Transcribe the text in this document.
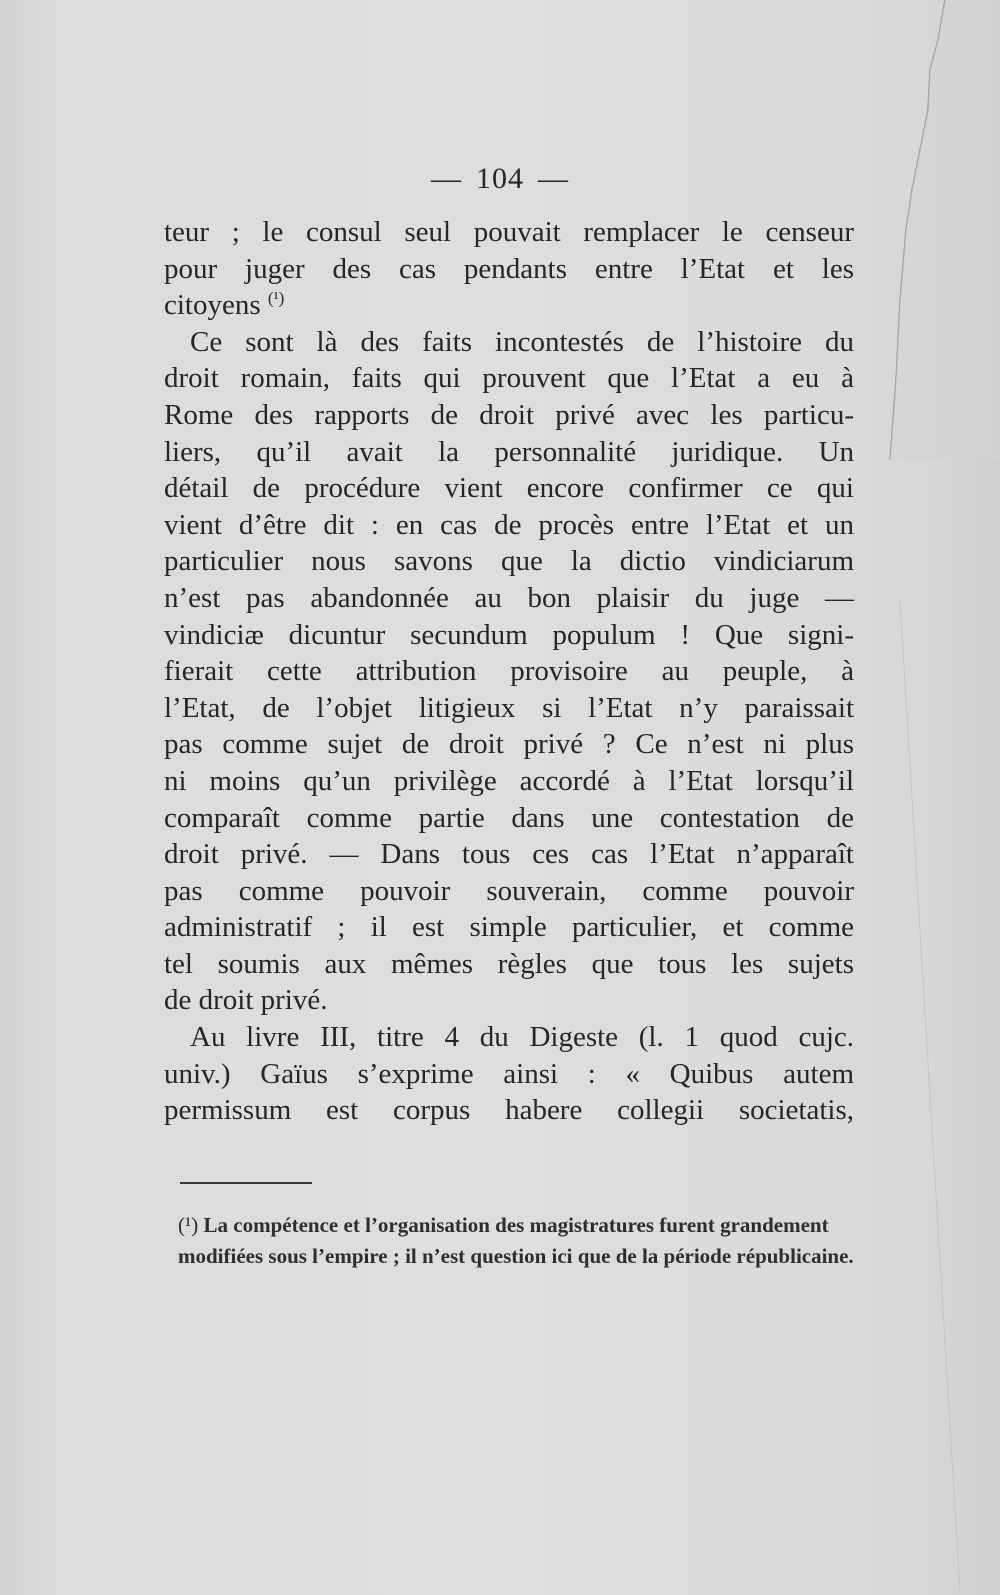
— 104 —
teur ; le consul seul pouvait remplacer le censeur
pour juger des cas pendants entre l’Etat et les
citoyens $^{(^1)}$
Ce sont là des faits incontestés de l’histoire du
droit romain, faits qui prouvent que l’Etat a eu à
Rome des rapports de droit privé avec les particu-
liers, qu’il avait la personnalité juridique. Un
détail de procédure vient encore confirmer ce qui
vient d’être dit : en cas de procès entre l’Etat et un
particulier nous savons que la dictio vindiciarum
n’est pas abandonnée au bon plaisir du juge —
vindiciæ dicuntur secundum populum ! Que signi-
fierait cette attribution provisoire au peuple, à
l’Etat, de l’objet litigieux si l’Etat n’y paraissait
pas comme sujet de droit privé ? Ce n’est ni plus
ni moins qu’un privilège accordé à l’Etat lorsqu’il
comparaît comme partie dans une contestation de
droit privé. — Dans tous ces cas l’Etat n’apparaît
pas comme pouvoir souverain, comme pouvoir
administratif ; il est simple particulier, et comme
tel soumis aux mêmes règles que tous les sujets
de droit privé.
Au livre III, titre 4 du Digeste (l. 1 quod cujc.
univ.) Gaïus s’exprime ainsi : « Quibus autem
permissum est corpus habere collegii societatis,
(¹) La compétence et l’organisation des magistratures furent grandement modifiées sous l’empire ; il n’est question ici que de la période républicaine.
